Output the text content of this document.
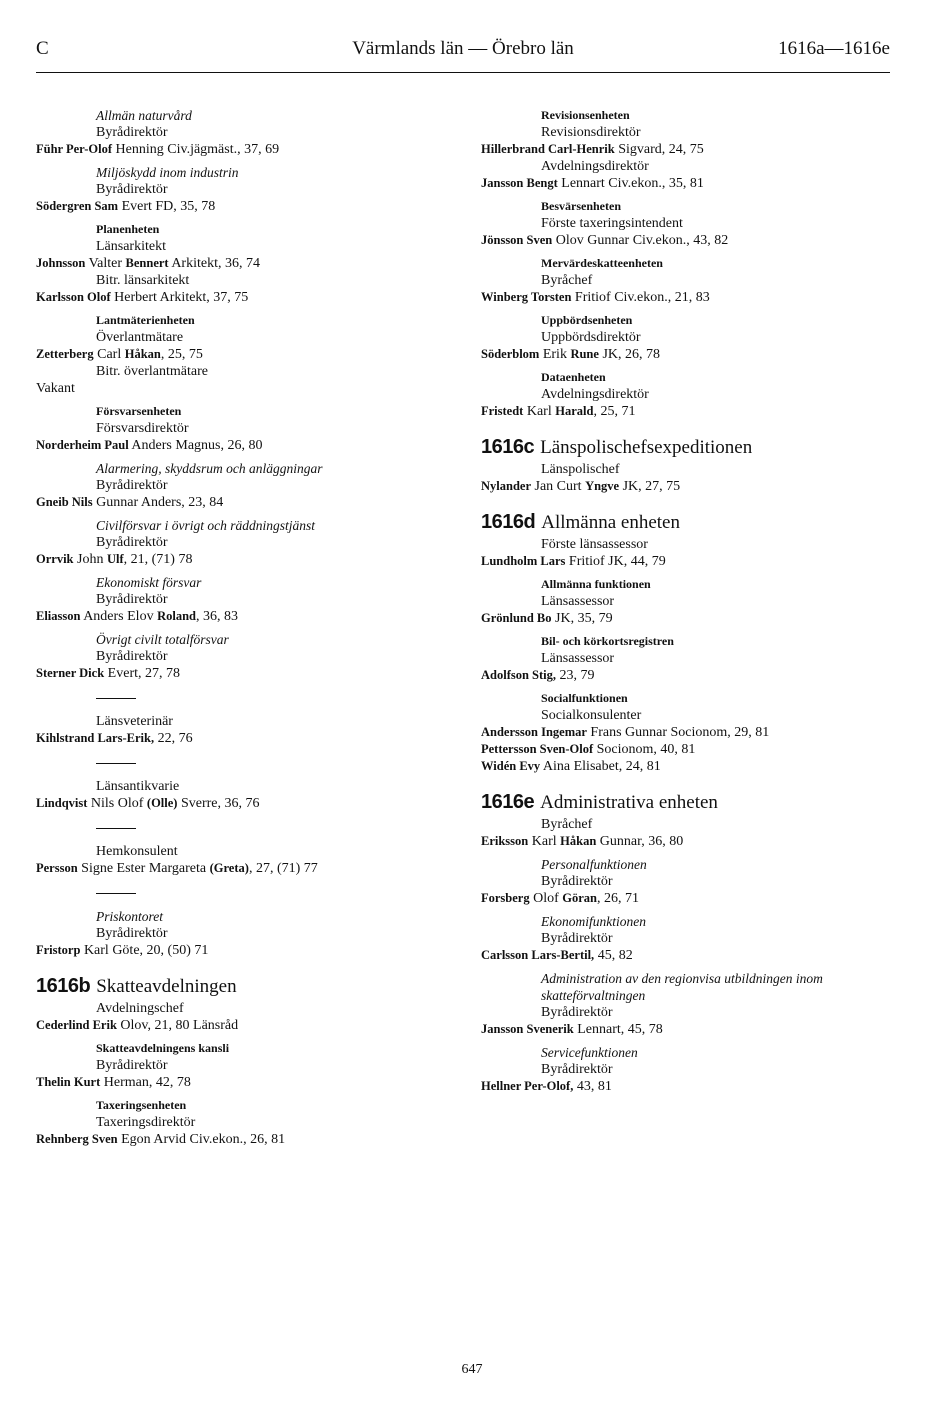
C	Värmlands län — Örebro län	1616a—1616e
Allmän naturvård
Byrådirektör
Führ Per-Olof Henning Civ.jägmäst., 37, 69
Miljöskydd inom industrin
Byrådirektör
Södergren Sam Evert FD, 35, 78
Planenheten
Länsarkitekt
Johnsson Valter Bennert Arkitekt, 36, 74
Bitr. länsarkitekt
Karlsson Olof Herbert Arkitekt, 37, 75
Lantmäterienheten
Överlantmätare
Zetterberg Carl Håkan, 25, 75
Bitr. överlantmätare
Vakant
Försvarsenheten
Försvarsdirektör
Norderheim Paul Anders Magnus, 26, 80
Alarmering, skyddsrum och anläggningar
Byrådirektör
Gneib Nils Gunnar Anders, 23, 84
Civilförsvar i övrigt och räddningstjänst
Byrådirektör
Orrvik John Ulf, 21, (71) 78
Ekonomiskt försvar
Byrådirektör
Eliasson Anders Elov Roland, 36, 83
Övrigt civilt totalförsvar
Byrådirektör
Sterner Dick Evert, 27, 78
Länsveterinär
Kihlstrand Lars-Erik, 22, 76
Länsantikvarie
Lindqvist Nils Olof (Olle) Sverre, 36, 76
Hemkonsulent
Persson Signe Ester Margareta (Greta), 27, (71) 77
Priskontoret
Byrådirektör
Fristorp Karl Göte, 20, (50) 71
1616b Skatteavdelningen
Avdelningschef
Cederlind Erik Olov, 21, 80 Länsråd
Skatteavdelningens kansli
Byrådirektör
Thelin Kurt Herman, 42, 78
Taxeringsenheten
Taxeringsdirektör
Rehnberg Sven Egon Arvid Civ.ekon., 26, 81
Revisionsenheten
Revisionsdirektör
Hillerbrand Carl-Henrik Sigvard, 24, 75
Avdelningsdirektör
Jansson Bengt Lennart Civ.ekon., 35, 81
Besvärsenheten
Förste taxeringsintendent
Jönsson Sven Olov Gunnar Civ.ekon., 43, 82
Mervärdeskatteenheten
Byråchef
Winberg Torsten Fritiof Civ.ekon., 21, 83
Uppbördsenheten
Uppbördsdirektör
Söderblom Erik Rune JK, 26, 78
Dataenheten
Avdelningsdirektör
Fristedt Karl Harald, 25, 71
1616c Länspolischefsexpeditionen
Länspolischef
Nylander Jan Curt Yngve JK, 27, 75
1616d Allmänna enheten
Förste länsassessor
Lundholm Lars Fritiof JK, 44, 79
Allmänna funktionen
Länsassessor
Grönlund Bo JK, 35, 79
Bil- och körkortsregistren
Länsassessor
Adolfson Stig, 23, 79
Socialfunktionen
Socialkonsulenter
Andersson Ingemar Frans Gunnar Socionom, 29, 81
Pettersson Sven-Olof Socionom, 40, 81
Widén Evy Aina Elisabet, 24, 81
1616e Administrativa enheten
Byråchef
Eriksson Karl Håkan Gunnar, 36, 80
Personalfunktionen
Byrådirektör
Forsberg Olof Göran, 26, 71
Ekonomifunktionen
Byrådirektör
Carlsson Lars-Bertil, 45, 82
Administration av den regionvisa utbildningen inom skatteförvaltningen
Byrådirektör
Jansson Svenerik Lennart, 45, 78
Servicefunktionen
Byrådirektör
Hellner Per-Olof, 43, 81
647
